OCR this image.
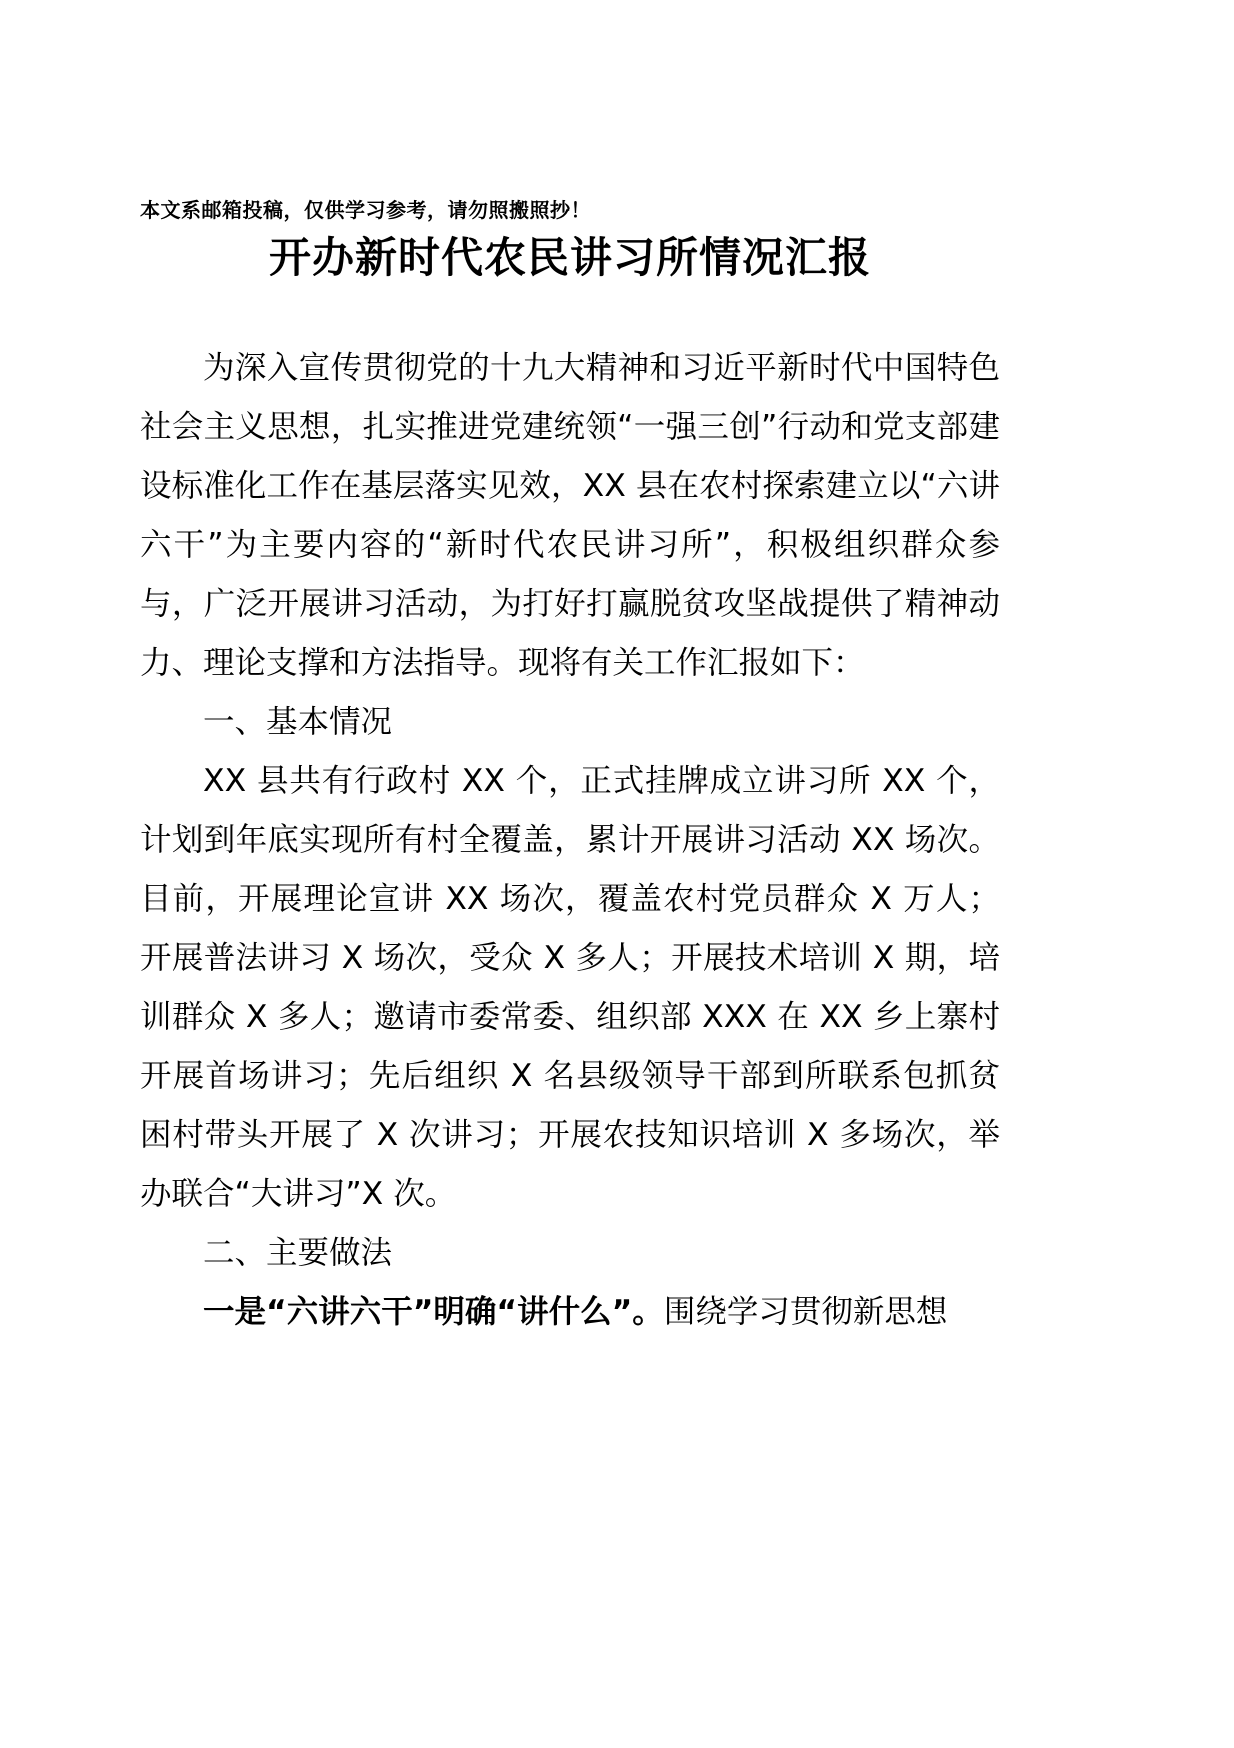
本文系邮箱投稿，仅供学习参考，请勿照搬照抄！
开办新时代农民讲习所情况汇报

为深入宣传贯彻党的十九大精神和习近平新时代中国特色社会主义思想，扎实推进党建统领“一强三创”行动和党支部建设标准化工作在基层落实见效，XX 县在农村探索建立以“六讲六干”为主要内容的“新时代农民讲习所”，积极组织群众参与，广泛开展讲习活动，为打好打赢脱贫攻坚战提供了精神动力、理论支撑和方法指导。现将有关工作汇报如下：

一、基本情况

XX 县共有行政村 XX 个，正式挂牌成立讲习所 XX 个，计划到年底实现所有村全覆盖，累计开展讲习活动 XX 场次。目前，开展理论宣讲 XX 场次，覆盖农村党员群众 X 万人；开展普法讲习 X 场次，受众 X 多人；开展技术培训 X 期，培训群众 X 多人；邀请市委常委、组织部 XXX 在 XX 乡上寨村开展首场讲习；先后组织 X 名县级领导干部到所联系包抓贫困村带头开展了 X 次讲习；开展农技知识培训 X 多场次，举办联合“大讲习”X 次。

二、主要做法

一是“六讲六干”明确“讲什么”。围绕学习贯彻新思想
